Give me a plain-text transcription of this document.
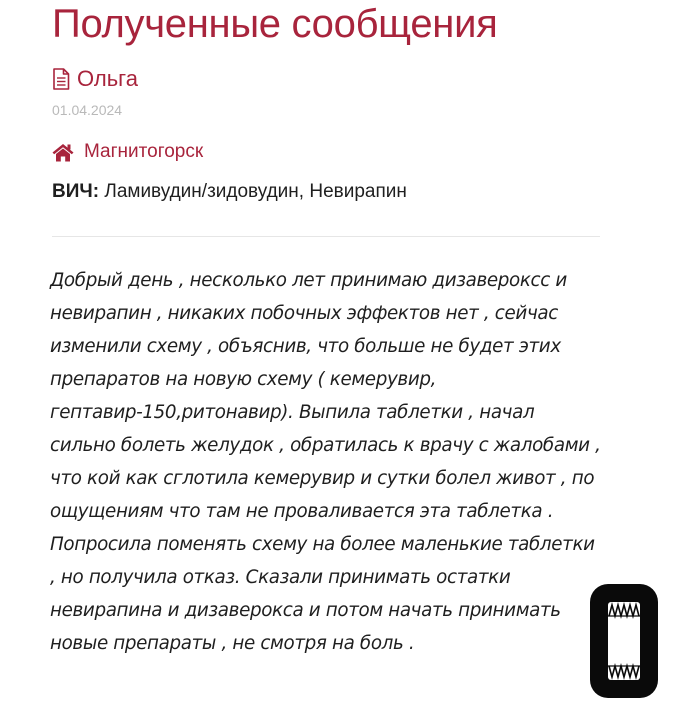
Полученные сообщения
Ольга
01.04.2024
Магнитогорск
ВИЧ: Ламивудин/зидовудин, Невирапин
Добрый день , несколько лет принимаю дизавероксс и
невирапин , никаких побочных эффектов нет , сейчас
изменили схему , объяснив, что больше не будет этих
препаратов на новую схему ( кемерувир,
гептавир-150,ритонавир). Выпила таблетки , начал
сильно болеть желудок , обратилась к врачу с жалобами ,
что кой как сглотила кемерувир и сутки болел живот , по
ощущениям что там не проваливается эта таблетка .
Попросила поменять схему на более маленькие таблетки
, но получила отказ. Сказали принимать остатки
невирапина и дизаверокса и потом начать принимать
новые препараты , не смотря на боль .
